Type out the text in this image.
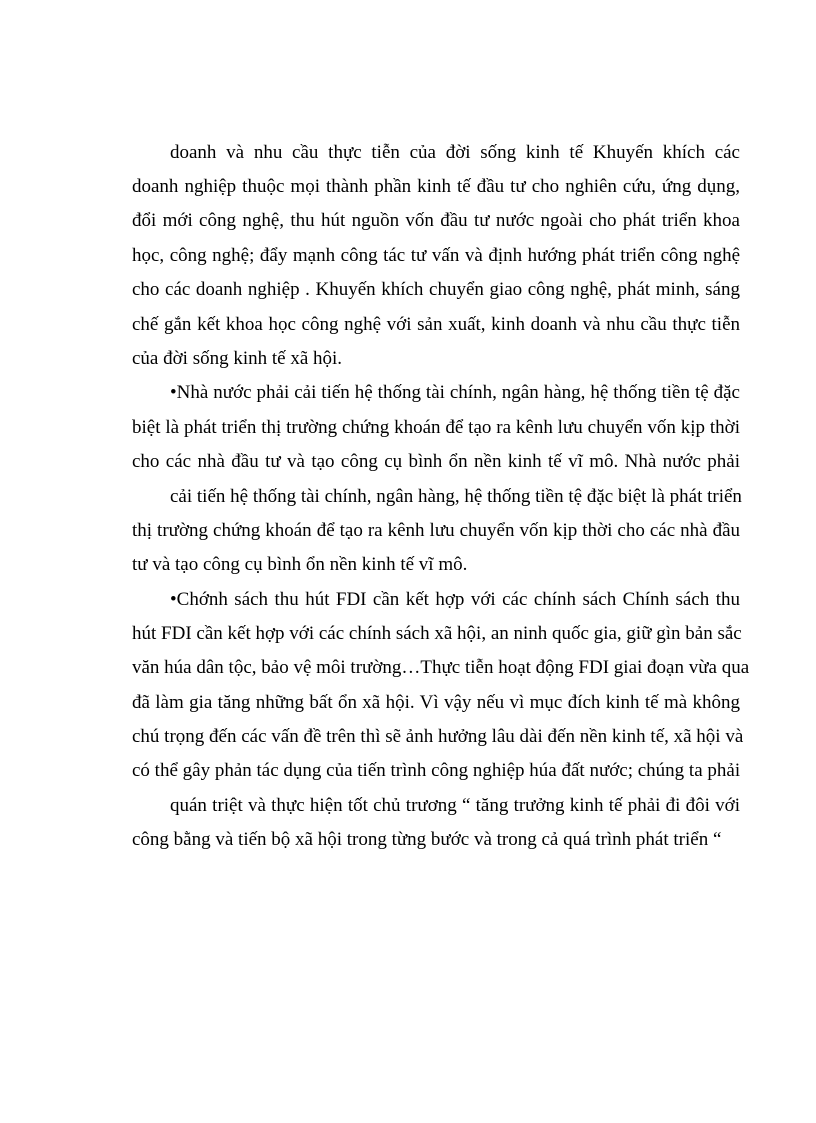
doanh và nhu cầu thực tiễn của đời sống kinh tế Khuyến khích các
doanh nghiệp thuộc mọi thành phần kinh tế đầu tư cho nghiên cứu, ứng dụng,
đổi mới công nghệ, thu hút nguồn vốn đầu tư nước ngoài cho phát triển khoa
học, công nghệ; đẩy mạnh công tác tư vấn và định hướng phát triển công nghệ
cho các doanh nghiệp . Khuyến khích chuyển giao công nghệ, phát minh, sáng
chế gắn kết khoa học công nghệ với sản xuất, kinh doanh và nhu cầu thực tiễn
của đời sống kinh tế xã hội.
•Nhà nước phải cải tiến hệ thống tài chính, ngân hàng, hệ thống tiền tệ đặc
biệt là phát triển thị trường chứng khoán để tạo ra kênh lưu chuyển vốn kịp thời
cho các nhà đầu tư và tạo công cụ bình ổn nền kinh tế vĩ mô. Nhà nước phải
cải tiến hệ thống tài chính, ngân hàng, hệ thống tiền tệ đặc biệt là phát triển
thị trường chứng khoán để tạo ra kênh lưu chuyển vốn kịp thời cho các nhà đầu
tư và tạo công cụ bình ổn nền kinh tế vĩ mô.
•Chớnh sách thu hút FDI cần kết hợp với các chính sách Chính sách thu
hút FDI cần kết hợp với các chính sách xã hội, an ninh quốc gia, giữ gìn bản sắc
văn húa dân tộc, bảo vệ môi trường…Thực tiễn hoạt động FDI giai đoạn vừa qua
đã làm gia tăng những bất ổn xã hội. Vì vậy nếu vì mục đích kinh tế mà không
chú trọng đến các vấn đề trên thì sẽ ảnh hưởng lâu dài đến nền kinh tế, xã hội và
có thể gây phản tác dụng của tiến trình công nghiệp húa đất nước; chúng ta phải
quán triệt và thực hiện tốt chủ trương “ tăng trưởng kinh tế phải đi đôi với
công bằng và tiến bộ xã hội trong từng bước và trong cả quá trình phát triển “
